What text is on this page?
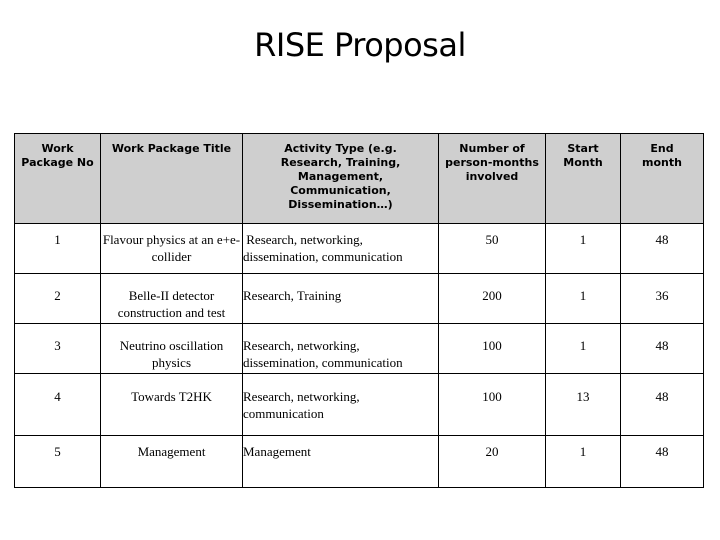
RISE Proposal
Work Package No	Work Package Title	Activity Type (e.g. Research, Training, Management, Communication, Dissemination…)	Number of person-months involved	Start Month	End month
1	Flavour physics at an e+e- collider	Research, networking, dissemination, communication	50	1	48
2	Belle-II detector construction and test	Research, Training	200	1	36
3	Neutrino oscillation physics	Research, networking, dissemination, communication	100	1	48
4	Towards T2HK	Research, networking, communication	100	13	48
5	Management	Management	20	1	48
